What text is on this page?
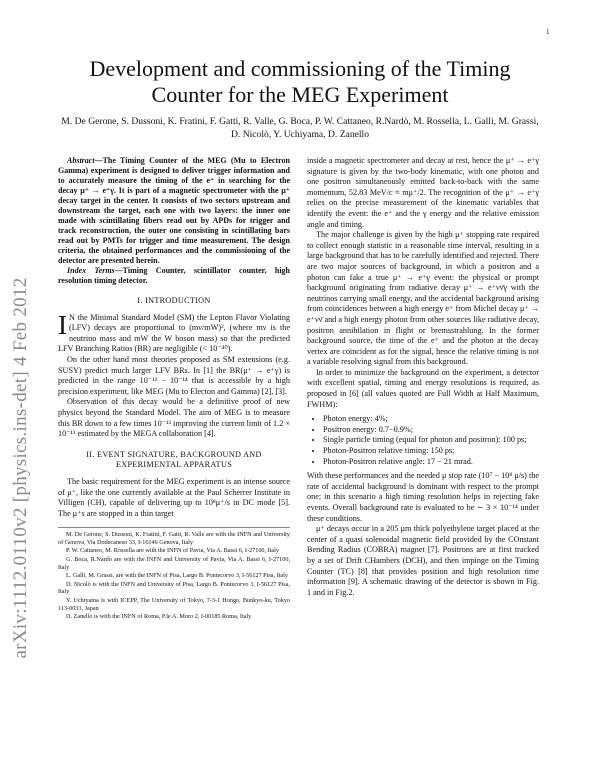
1
arXiv:1112.0110v2 [physics.ins-det] 4 Feb 2012
Development and commissioning of the Timing Counter for the MEG Experiment
M. De Gerone, S. Dussoni, K. Fratini, F. Gatti, R. Valle, G. Boca, P. W. Cattaneo, R.Nardò, M. Rossella, L. Galli, M. Grassi, D. Nicolò, Y. Uchiyama, D. Zanello

Abstract—The Timing Counter of the MEG (Mu to Electron Gamma) experiment is designed to deliver trigger information and to accurately measure the timing of the e⁺ in searching for the decay μ⁺ → e⁺γ. It is part of a magnetic spectrometer with the μ⁺ decay target in the center. It consists of two sectors upstream and downstream the target, each one with two layers: the inner one made with scintillating fibers read out by APDs for trigger and track reconstruction, the outer one consisting in scintillating bars read out by PMTs for trigger and time measurement. The design criteria, the obtained performances and the commissioning of the detector are presented herein.

Index Terms—Timing Counter, scintillator counter, high resolution timing detector.

I. INTRODUCTION

I N the Minimal Standard Model (SM) the Lepton Flavor Violating (LFV) decays are proportional to (mν/mW)², (where mν is the neutrino mass and mW the W boson mass) so that the predicted LFV Branching Ratios (BR) are negligible (< 10⁻⁴⁰).

On the other hand most theories proposed as SM extensions (e.g. SUSY) predict much larger LFV BRs. In [1] the BR(μ⁺ → e⁺γ) is predicted in the range 10⁻¹² − 10⁻¹⁴ that is accessible by a high precision experiment, like MEG (Mu to Electon and Gamma) [2], [3].

Observation of this decay would be a definitive proof of new physics beyond the Standard Model. The aim of MEG is to measure this BR down to a few times 10⁻¹³ improving the current limit of 1.2 × 10⁻¹¹ estimated by the MEGA collaboration [4].

II. EVENT SIGNATURE, BACKGROUND AND
EXPERIMENTAL APPARATUS

The basic requirement for the MEG experiment is an intense source of μ⁺, like the one currently available at the Paul Scherrer Institute in Villigen (CH), capable of delivering up to 10⁸μ⁺/s in DC mode [5]. The μ⁺s are stopped in a thin target

M. De Gerone, S. Dussoni, K. Fratini, F. Gatti, R. Valle are with the INFN and University of Genova, Via Dodecaneso 33, I-16146 Genova, Italy
P. W. Cattaneo, M. Rossella are with the INFN of Pavia, Via A. Bassi 6, I-27100, Italy
G. Boca, R.Nardò are with the INFN and University of Pavia, Via A. Bassi 6, I-27100, Italy
L. Galli, M. Grassi, are with the INFN of Pisa, Largo B. Pontecorvo 3, I-56127 Pisa, Italy
D. Nicolò is with the INFN and University of Pisa, Largo B. Pontecorvo 3, I-56127 Pisa, Italy
Y. Uchiyama is with ICEPP, The University of Tokyo, 7-3-1 Hongo, Bunkyo-ku, Tokyo 113-0033, Japan
D. Zanello is with the INFN of Roma, P.le A. Moro 2, I-00185 Roma, Italy

inside a magnetic spectrometer and decay at rest, hence the μ⁺ → e⁺γ signature is given by the two-body kinematic, with one photon and one positron simultaneously emitted back-to-back with the same momentum, 52.83 MeV/c ≈ mμ⁺/2. The recognition of the μ⁺ → e⁺γ relies on the precise measurement of the kinematic variables that identify the event: the e⁺ and the γ energy and the relative emission angle and timing.

The major challenge is given by the high μ⁺ stopping rate required to collect enough statistic in a reasonable time interval, resulting in a large background that has to be carefully identified and rejected. There are two major sources of background, in which a positron and a photon can fake a true μ⁺ → e⁺γ event: the physical or prompt background originating from radiative decay μ⁺ → e⁺νν̄γ with the neutrinos carrying small energy, and the accidental background arising from coincidences between a high energy e⁺ from Michel decay μ⁺ → e⁺νν̄ and a high energy photon from other sources like radiative decay, positron annihilation in flight or bremsstrahlung. In the former background source, the time of the e⁺ and the photon at the decay vertex are coincident as for the signal, hence the relative timing is not a variable resolving signal from this background.

In order to minimize the background on the experiment, a detector with excellent spatial, timing and energy resolutions is required, as proposed in [6] (all values quoted are Full Width at Half Maximum, FWHM):

• Photon energy: 4%;
• Positron energy: 0.7−0.9%;
• Single particle timing (equal for photon and positron): 100 ps;
• Photon-Positron relative timing: 150 ps;
• Photon-Positron relative angle: 17 − 21 mrad.

With these performances and the needed μ stop rate (10⁷ − 10⁸ μ/s) the rate of accidental background is dominant with respect to the prompt one; in this scenario a high timing resolution helps in rejecting fake events. Overall background rate is evaluated to be ∼ 3 × 10⁻¹⁴ under these conditions.

μ⁺ decays occur in a 205 μm thick polyethylene target placed at the center of a quasi solenoidal magnetic field provided by the COnstant Bending Radius (COBRA) magnet [7]. Positrons are at first tracked by a set of Drift CHambers (DCH), and then impinge on the Timing Counter (TC) [8] that provides position and high resolution time information [9]. A schematic drawing of the detector is shown in Fig. 1 and in Fig.2.
